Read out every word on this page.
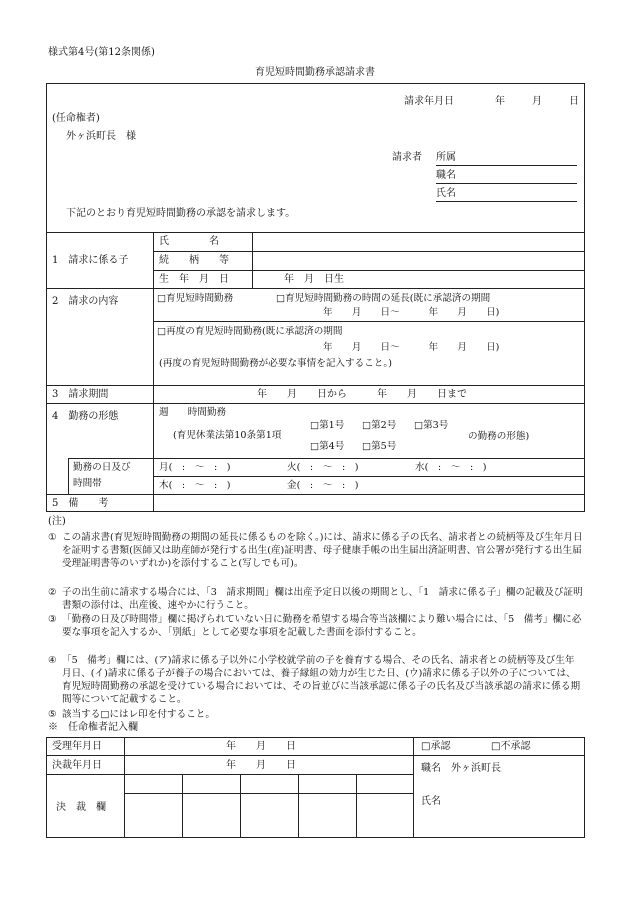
様式第4号(第12条関係)
育児短時間勤務承認請求書
請求年月日	年	月	日
(任命権者)
外ヶ浜町長　様
請求者 所属
職名
氏名
下記のとおり育児短時間勤務の承認を請求します。
1　請求に係る子
氏　　　　名
続　　柄　　等
生　年　月　日	年　月　日生
2　請求の内容	□育児短時間勤務	□育児短時間勤務の時間の延長(既に承認済の期間
年　　月　　日〜　　　年　　月　　日)
□再度の育児短時間勤務(既に承認済の期間
年　　月　　日〜　　　年　　月　　日)
(再度の育児短時間勤務が必要な事情を記入すること。)
3　請求期間	年　　月　　日から　　　年　　月　　日まで
4　勤務の形態	週　　時間勤務
(育児休業法第10条第1項
□第1号 □第2号 □第3号
□第4号 □第5号
の勤務の形態)
勤務の日及び
時間帯
月(　:　〜　:　)	火(　:　〜　:　)	水(　:　〜　:　)
木(　:　〜　:　)	金(　:　〜　:　)
5　備　　考
(注)
① この請求書(育児短時間勤務の期間の延長に係るものを除く。)には、請求に係る子の氏名、請求者との続柄等及び生年月日を証明する書類(医師又は助産師が発行する出生(産)証明書、母子健康手帳の出生届出済証明書、官公署が発行する出生届受理証明書等のいずれか)を添付すること(写しでも可)。
② 子の出生前に請求する場合には、「3　請求期間」欄は出産予定日以後の期間とし、「1　請求に係る子」欄の記載及び証明書類の添付は、出産後、速やかに行うこと。
③ 「勤務の日及び時間帯」欄に掲げられていない日に勤務を希望する場合等当該欄により難い場合には、「5　備考」欄に必要な事項を記入するか、「別紙」として必要な事項を記載した書面を添付すること。
④ 「5　備考」欄には、(ア)請求に係る子以外に小学校就学前の子を養育する場合、その氏名、請求者との続柄等及び生年月日、(イ)請求に係る子が養子の場合においては、養子縁組の効力が生じた日、(ウ)請求に係る子以外の子については、育児短時間勤務の承認を受けている場合においては、その旨並びに当該承認に係る子の氏名及び当該承認の請求に係る期間等について記載すること。
⑤ 該当する□にはレ印を付すること。
※　任命権者記入欄
受理年月日	年　　月　　日
決裁年月日	年　　月　　日
□承認	□不承認
職名　外ヶ浜町長
決　裁　欄
氏名
